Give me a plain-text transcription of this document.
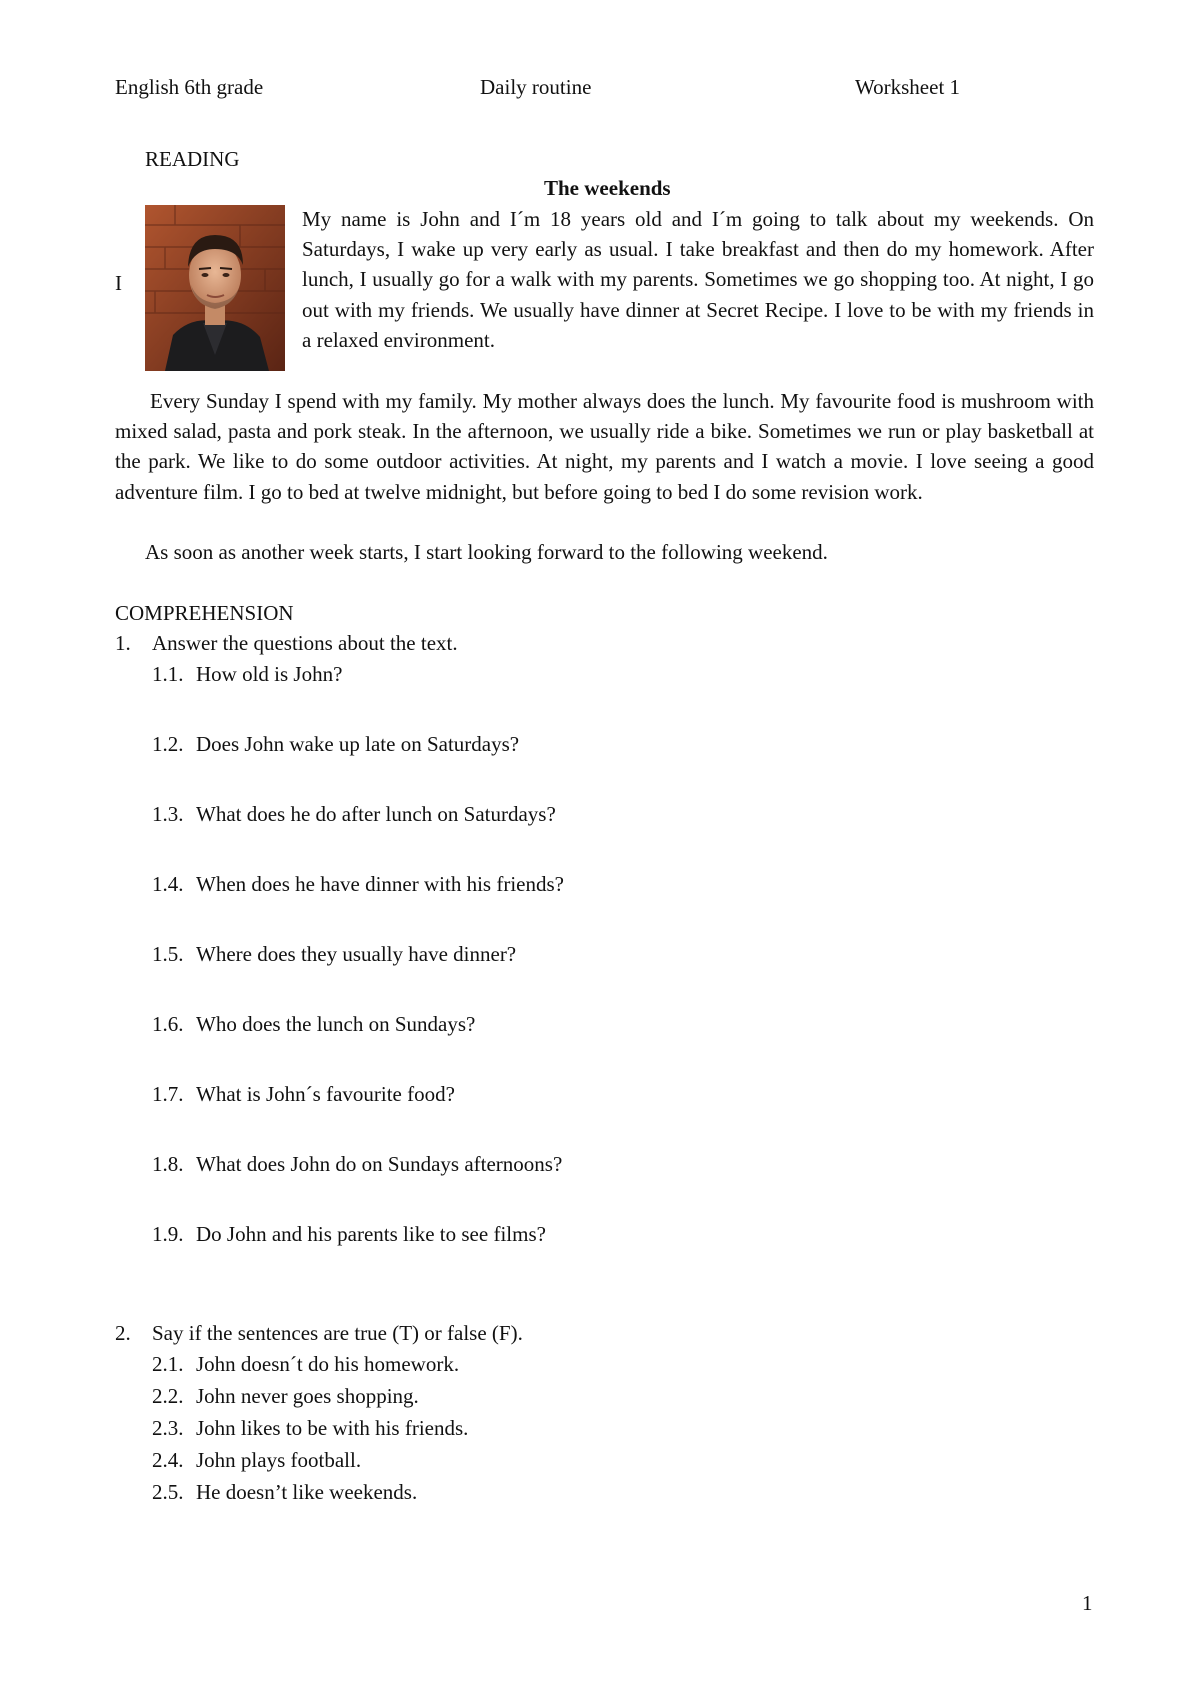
English 6th grade	Daily routine	Worksheet 1
READING
The weekends
I
My name is John and I´m 18 years old and I´m going to talk about my weekends. On Saturdays, I wake up very early as usual. I take breakfast and then do my homework. After lunch, I usually go for a walk with my parents. Sometimes we go shopping too. At night, I go out with my friends. We usually have dinner at Secret Recipe. I love to be with my friends in a relaxed environment.
Every Sunday I spend with my family. My mother always does the lunch. My favourite food is mushroom with mixed salad, pasta and pork steak. In the afternoon, we usually ride a bike. Sometimes we run or play basketball at the park. We like to do some outdoor activities. At night, my parents and I watch a movie. I love seeing a good adventure film. I go to bed at twelve midnight, but before going to bed I do some revision work.
As soon as another week starts, I start looking forward to the following weekend.
COMPREHENSION
1. Answer the questions about the text.
1.1. How old is John?
1.2. Does John wake up late on Saturdays?
1.3. What does he do after lunch on Saturdays?
1.4. When does he have dinner with his friends?
1.5. Where does they usually have dinner?
1.6. Who does the lunch on Sundays?
1.7. What is John´s favourite food?
1.8. What does John do on Sundays afternoons?
1.9. Do John and his parents like to see films?
2. Say if the sentences are true (T) or false (F).
2.1. John doesn´t do his homework.
2.2. John never goes shopping.
2.3. John likes to be with his friends.
2.4. John plays football.
2.5. He doesn’t like weekends.
1
